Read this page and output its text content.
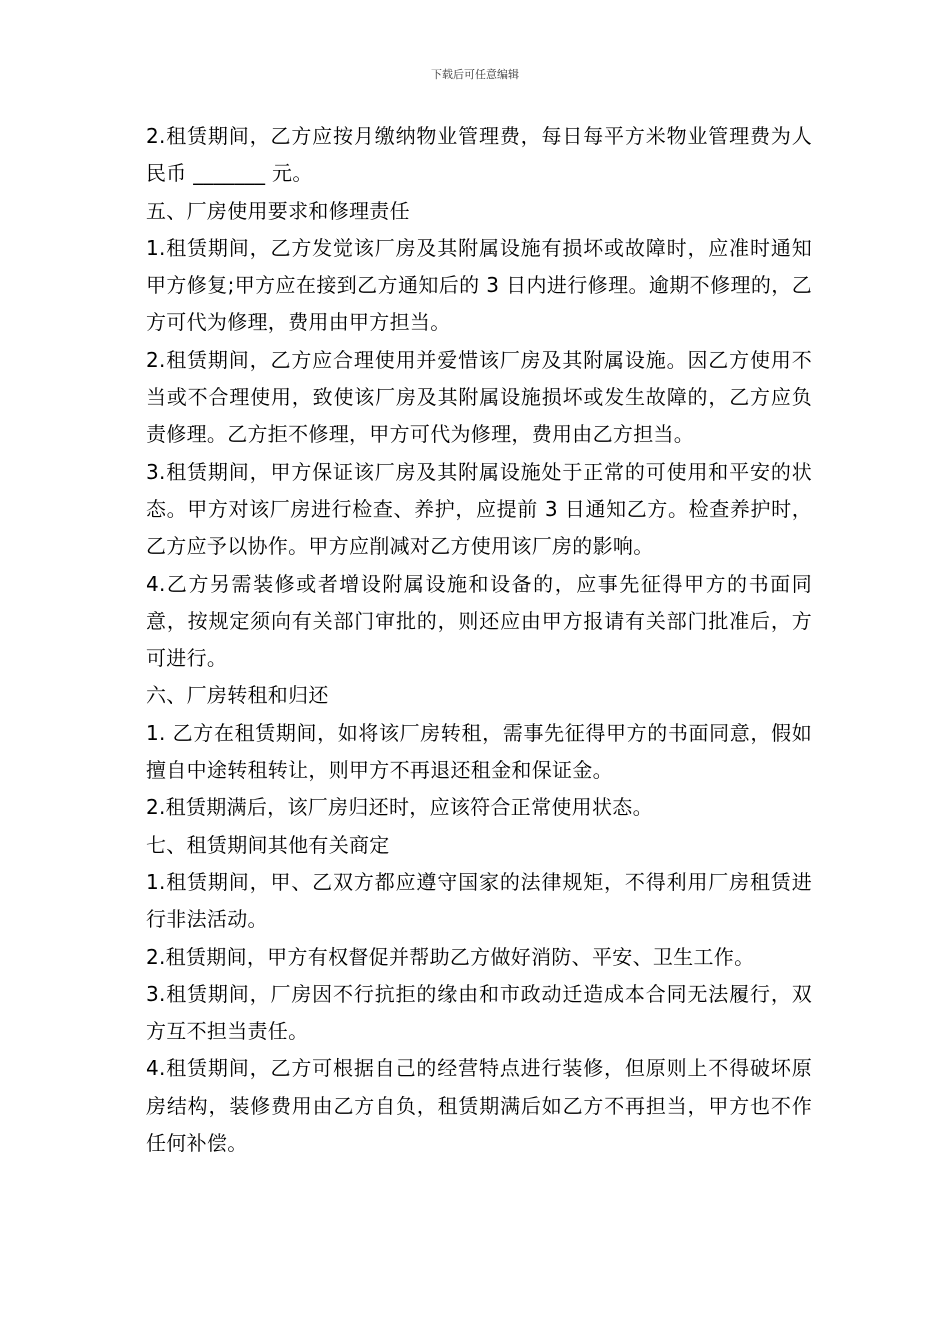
下载后可任意编辑

2.租赁期间，乙方应按月缴纳物业管理费，每日每平方米物业管理费为人民币 _______ 元。

五、厂房使用要求和修理责任

1.租赁期间，乙方发觉该厂房及其附属设施有损坏或故障时，应准时通知甲方修复;甲方应在接到乙方通知后的 3 日内进行修理。逾期不修理的，乙方可代为修理，费用由甲方担当。

2.租赁期间，乙方应合理使用并爱惜该厂房及其附属设施。因乙方使用不当或不合理使用，致使该厂房及其附属设施损坏或发生故障的，乙方应负责修理。乙方拒不修理，甲方可代为修理，费用由乙方担当。

3.租赁期间，甲方保证该厂房及其附属设施处于正常的可使用和平安的状态。甲方对该厂房进行检查、养护，应提前 3 日通知乙方。检查养护时，乙方应予以协作。甲方应削减对乙方使用该厂房的影响。

4.乙方另需装修或者增设附属设施和设备的，应事先征得甲方的书面同意，按规定须向有关部门审批的，则还应由甲方报请有关部门批准后，方可进行。

六、厂房转租和归还

1. 乙方在租赁期间，如将该厂房转租，需事先征得甲方的书面同意，假如擅自中途转租转让，则甲方不再退还租金和保证金。

2.租赁期满后，该厂房归还时，应该符合正常使用状态。

七、租赁期间其他有关商定

1.租赁期间，甲、乙双方都应遵守国家的法律规矩，不得利用厂房租赁进行非法活动。

2.租赁期间，甲方有权督促并帮助乙方做好消防、平安、卫生工作。

3.租赁期间，厂房因不行抗拒的缘由和市政动迁造成本合同无法履行，双方互不担当责任。

4.租赁期间，乙方可根据自己的经营特点进行装修，但原则上不得破坏原房结构，装修费用由乙方自负，租赁期满后如乙方不再担当，甲方也不作任何补偿。
